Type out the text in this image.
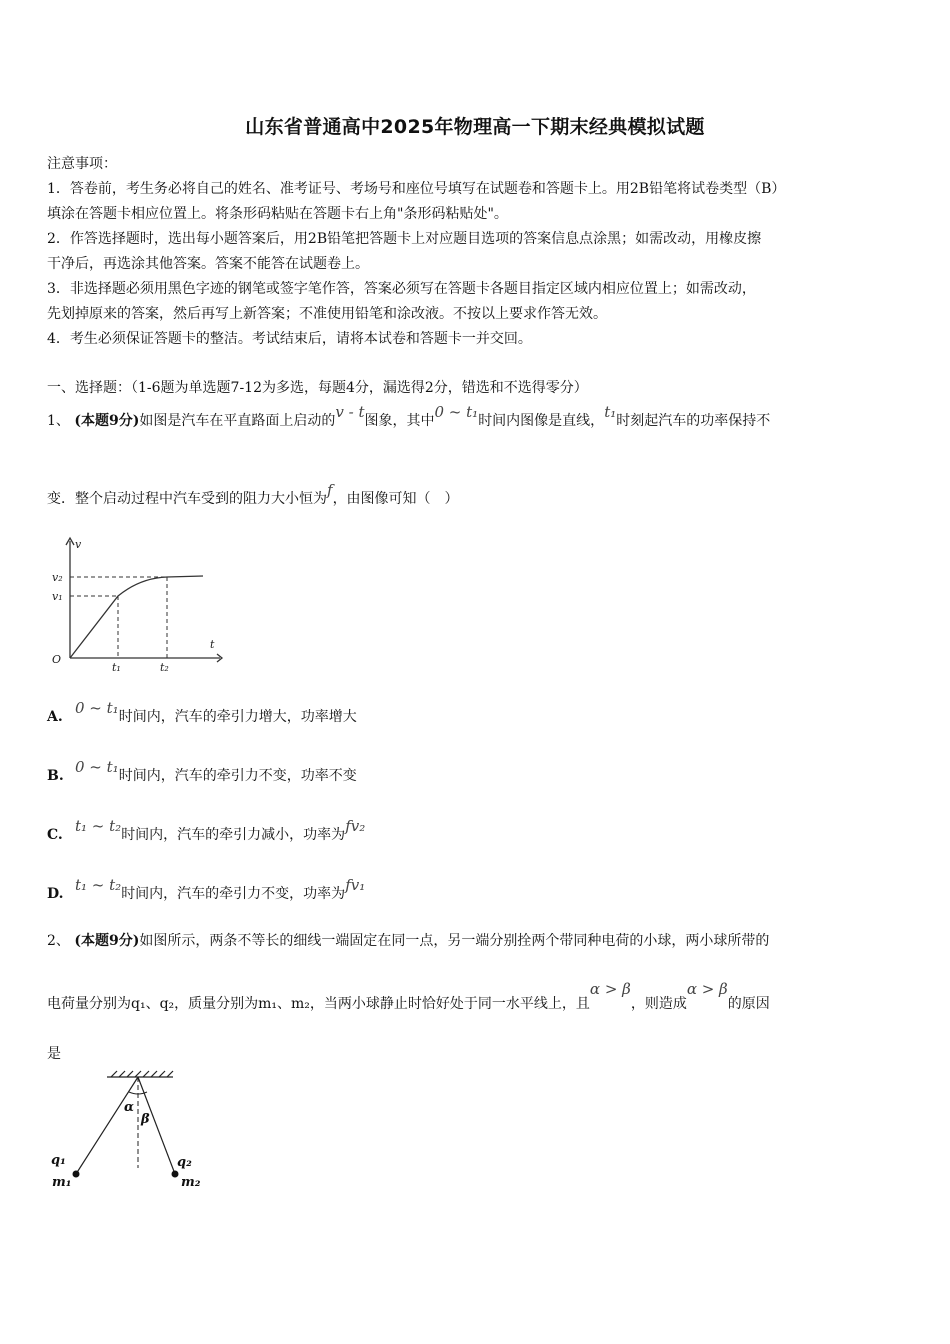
山东省普通高中2025年物理高一下期末经典模拟试题
注意事项：
1．答卷前，考生务必将自己的姓名、准考证号、考场号和座位号填写在试题卷和答题卡上。用2B铅笔将试卷类型（B）
填涂在答题卡相应位置上。将条形码粘贴在答题卡右上角"条形码粘贴处"。
2．作答选择题时，选出每小题答案后，用2B铅笔把答题卡上对应题目选项的答案信息点涂黑；如需改动，用橡皮擦
干净后，再选涂其他答案。答案不能答在试题卷上。
3．非选择题必须用黑色字迹的钢笔或签字笔作答，答案必须写在答题卡各题目指定区域内相应位置上；如需改动，
先划掉原来的答案，然后再写上新答案；不准使用铅笔和涂改液。不按以上要求作答无效。
4．考生必须保证答题卡的整洁。考试结束后，请将本试卷和答题卡一并交回。
一、选择题：（1-6题为单选题7-12为多选，每题4分，漏选得2分，错选和不选得零分）
1、 (本题9分)如图是汽车在平直路面上启动的v - t图象，其中0 ~ t₁时间内图像是直线，t₁时刻起汽车的功率保持不
变．整个启动过程中汽车受到的阻力大小恒为f，由图像可知（　）
v
t
O
v₁
v₂
t₁	t₂
A. 0 ~ t₁时间内，汽车的牵引力增大，功率增大
B. 0 ~ t₁时间内，汽车的牵引力不变，功率不变
C. t₁ ~ t₂时间内，汽车的牵引力减小，功率为fv₂
D. t₁ ~ t₂时间内，汽车的牵引力不变，功率为fv₁
2、 (本题9分)如图所示，两条不等长的细线一端固定在同一点，另一端分别拴两个带同种电荷的小球，两小球所带的
电荷量分别为q₁、q₂，质量分别为m₁、m₂，当两小球静止时恰好处于同一水平线上，且α > β，则造成α > β的原因
是
α
β
q₁
m₁
q₂
m₂
